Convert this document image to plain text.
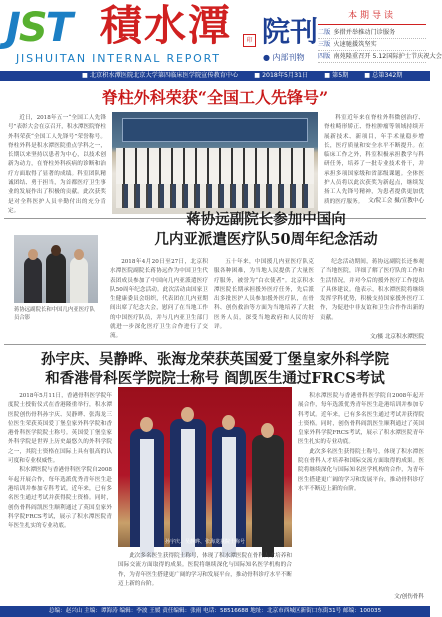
JST 積水潭	印 院刊
● 内部刊物
JISHUITAN INTERNAL REPORT
本期导读
二版 多措并举推动门诊服务
三版 火速驰援筑坚实
四版 南苑隆重召开 5.12国际护士节庆祝大会
■ 北京积水潭医院北京大学第四临床医学院宣传教育中心	■ 2018年5月31日	■ 第5期	■ 总第342期
脊柱外科荣获“全国工人先锋号”

近日，2018年五一“全国工人先锋号”表彰大会在京召开，积水潭医院脊柱外科荣获“全国工人先锋号”荣誉称号。脊柱外科是积水潭医院重点学科之一，长期以来坚持以患者为中心，以技术创新为动力，在脊柱外科疾病的诊断和治疗方面取得了显著的成绩。科室团队精诚团结、勇于担当，为首都医疗卫生事业的发展作出了积极的贡献。此次获奖是对全科医护人员辛勤付出的充分肯定。

科室近年来在脊柱外科微创治疗、脊柱畸形矫正、脊柱肿瘤等领域持续开展新技术、新项目，年手术量稳步增长，医疗质量和安全水平不断提升。在临床工作之外，科室积极承担教学与科研任务，培养了一批专业技术骨干，并承担多项国家级和省部级课题。全体医护人员将以此次获奖为新起点，继续发扬工人先锋号精神，为患者提供更加优质的医疗服务。 文/院工会 摄/宣教中心
蒋协远副院长和中国几内亚医疗队员合影
蒋协远副院长参加中国向
几内亚派遣医疗队50周年纪念活动

2018年4月20日至27日，北京积水潭医院副院长蒋协远作为中国卫生代表团成员参加了中国向几内亚派遣医疗队50周年纪念活动。此次活动由国家卫生健康委员会组织，代表团在几内亚期间出席了纪念大会，慰问了在当地工作的中国医疗队员，并与几内亚卫生部门就进一步深化医疗卫生合作进行了交流。

五十年来，中国援几内亚医疗队克服各种困难，为当地人民提供了大量医疗服务，被誉为“白衣使者”。北京积水潭医院长期承担援外医疗任务，先后派出多批医护人员参加援外医疗队，在骨科、创伤救治等方面为当地培养了大批医务人员，深受当地政府和人民的好评。

纪念活动期间，蒋协远副院长还参观了当地医院，详细了解了医疗队的工作和生活情况，并对今后的援外医疗工作提出了具体建议。他表示，积水潭医院将继续发挥学科优势，积极支持国家援外医疗工作，为促进中非友谊和卫生合作作出新的贡献。

文/摄 北京积水潭医院
孙宇庆、吴静晔、张海龙荣获英国爱丁堡皇家外科学院
和香港骨科医学院院士称号 阎凯医生通过FRCS考试

2018年5月11日，香港骨科医学院年度院士授衔仪式在香港隆重举行，积水潭医院创伤骨科孙宇庆、吴静晔、张海龙三位医生荣获英国爱丁堡皇家外科学院和香港骨科医学院院士称号。英国爱丁堡皇家外科学院是世界上历史最悠久的外科学院之一，其院士资格在国际上具有很高的认可度和专业权威性。

积水潭医院与香港骨科医学院自2008年起开展合作，每年选派优秀青年医生赴港培训并参加专科考试。近年来，已有多名医生通过考试并获得院士资格。同时，创伤骨科阎凯医生顺利通过了英国皇家外科学院FRCS考试，展示了积水潭医院青年医生扎实的专业功底。

孙宇庆、吴静晔、张海龙获院士称号

此次多名医生获得院士称号，体现了积水潭医院在骨科人才培养和国际交流方面取得的成果。医院将继续深化与国际知名医学机构的合作，为青年医生搭建更广阔的学习和发展平台，推动骨科诊疗水平不断迈上新的台阶。

积水潭医院与香港骨科医学院自2008年起开展合作，每年选派优秀青年医生赴港培训并参加专科考试。近年来，已有多名医生通过考试并获得院士资格。同时，创伤骨科阎凯医生顺利通过了英国皇家外科学院FRCS考试，展示了积水潭医院青年医生扎实的专业功底。

此次多名医生获得院士称号，体现了积水潭医院在骨科人才培养和国际交流方面取得的成果。医院将继续深化与国际知名医学机构的合作，为青年医生搭建更广阔的学习和发展平台，推动骨科诊疗水平不断迈上新的台阶。

文/创伤骨科
总编：赵兴山 主编：谭海涛 编辑：李波 王媛 责任编辑：张雨 电话：58516688 地址：北京市西城区新街口东街31号 邮编：100035
